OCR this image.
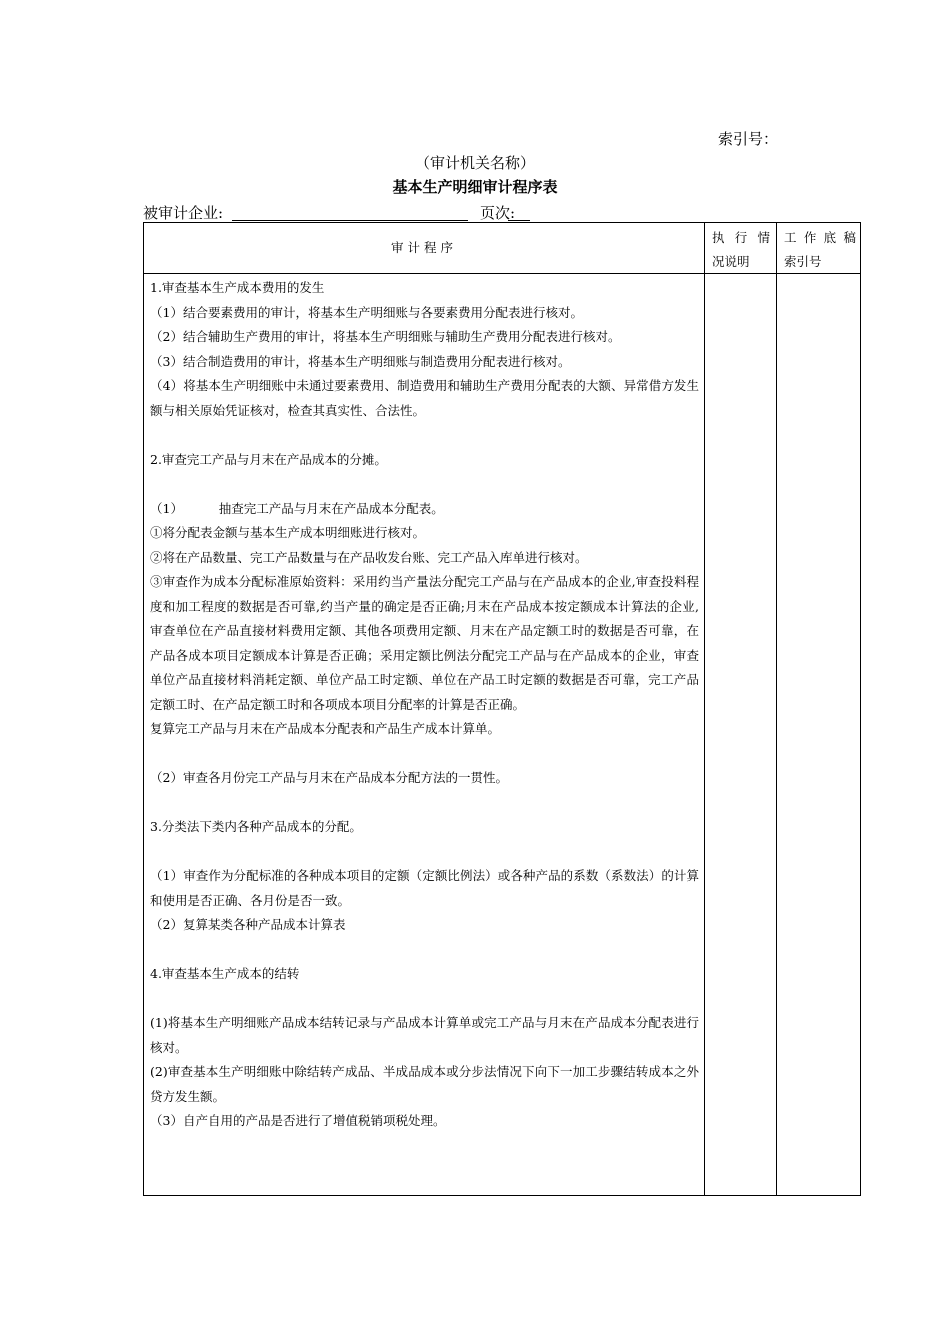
索引号：
（审计机关名称）
基本生产明细审计程序表
被审计企业:	页次:
审计程序
执 行 情
况说明
工作底稿
索引号
1.审查基本生产成本费用的发生
（1）结合要素费用的审计，将基本生产明细账与各要素费用分配表进行核对。
（2）结合辅助生产费用的审计，将基本生产明细账与辅助生产费用分配表进行核对。
（3）结合制造费用的审计，将基本生产明细账与制造费用分配表进行核对。
（4）将基本生产明细账中未通过要素费用、制造费用和辅助生产费用分配表的大额、异常借方发生额与相关原始凭证核对，检查其真实性、合法性。
2.审查完工产品与月末在产品成本的分摊。
（1）         抽查完工产品与月末在产品成本分配表。
①将分配表金额与基本生产成本明细账进行核对。
②将在产品数量、完工产品数量与在产品收发台账、完工产品入库单进行核对。
③审查作为成本分配标准原始资料：采用约当产量法分配完工产品与在产品成本的企业,审查投料程度和加工程度的数据是否可靠,约当产量的确定是否正确;月末在产品成本按定额成本计算法的企业,审查单位在产品直接材料费用定额、其他各项费用定额、月末在产品定额工时的数据是否可靠，在产品各成本项目定额成本计算是否正确；采用定额比例法分配完工产品与在产品成本的企业，审查单位产品直接材料消耗定额、单位产品工时定额、单位在产品工时定额的数据是否可靠，完工产品定额工时、在产品定额工时和各项成本项目分配率的计算是否正确。
复算完工产品与月末在产品成本分配表和产品生产成本计算单。
（2）审查各月份完工产品与月末在产品成本分配方法的一贯性。
3.分类法下类内各种产品成本的分配。
（1）审查作为分配标准的各种成本项目的定额（定额比例法）或各种产品的系数（系数法）的计算和使用是否正确、各月份是否一致。
（2）复算某类各种产品成本计算表
4.审查基本生产成本的结转
(1)将基本生产明细账产品成本结转记录与产品成本计算单或完工产品与月末在产品成本分配表进行核对。
(2)审查基本生产明细账中除结转产成品、半成品成本或分步法情况下向下一加工步骤结转成本之外贷方发生额。
（3）自产自用的产品是否进行了增值税销项税处理。
